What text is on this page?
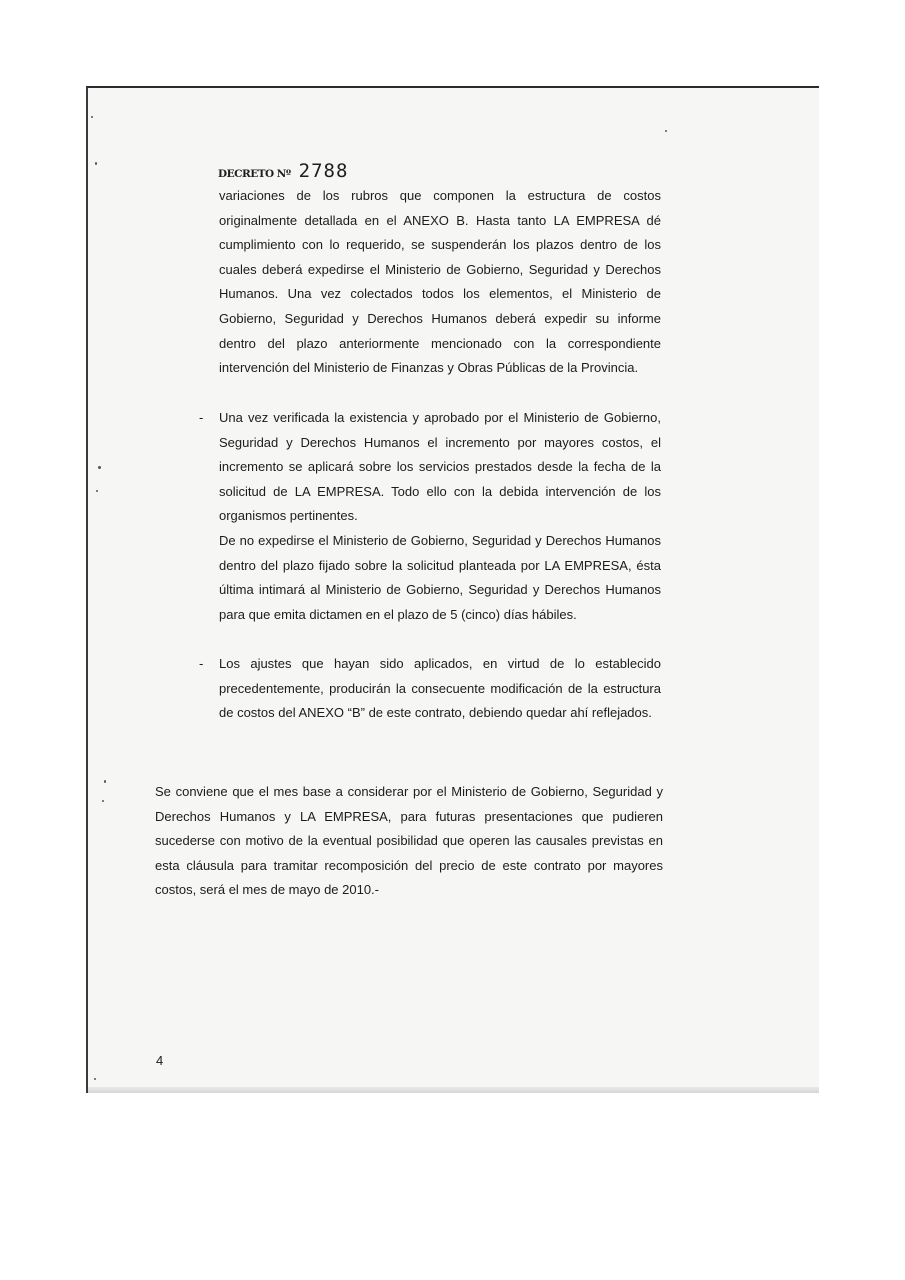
DECRETO Nº 2788

variaciones de los rubros que componen la estructura de costos originalmente detallada en el ANEXO B. Hasta tanto LA EMPRESA dé cumplimiento con lo requerido, se suspenderán los plazos dentro de los cuales deberá expedirse el Ministerio de Gobierno, Seguridad y Derechos Humanos. Una vez colectados todos los elementos, el Ministerio de Gobierno, Seguridad y Derechos Humanos deberá expedir su informe dentro del plazo anteriormente mencionado con la correspondiente intervención del Ministerio de Finanzas y Obras Públicas de la Provincia.

- Una vez verificada la existencia y aprobado por el Ministerio de Gobierno, Seguridad y Derechos Humanos el incremento por mayores costos, el incremento se aplicará sobre los servicios prestados desde la fecha de la solicitud de LA EMPRESA. Todo ello con la debida intervención de los organismos pertinentes.

De no expedirse el Ministerio de Gobierno, Seguridad y Derechos Humanos dentro del plazo fijado sobre la solicitud planteada por LA EMPRESA, ésta última intimará al Ministerio de Gobierno, Seguridad y Derechos Humanos para que emita dictamen en el plazo de 5 (cinco) días hábiles.

- Los ajustes que hayan sido aplicados, en virtud de lo establecido precedentemente, producirán la consecuente modificación de la estructura de costos del ANEXO “B” de este contrato, debiendo quedar ahí reflejados.

Se conviene que el mes base a considerar por el Ministerio de Gobierno, Seguridad y Derechos Humanos y LA EMPRESA, para futuras presentaciones que pudieren sucederse con motivo de la eventual posibilidad que operen las causales previstas en esta cláusula para tramitar recomposición del precio de este contrato por mayores costos, será el mes de mayo de 2010.-

4
